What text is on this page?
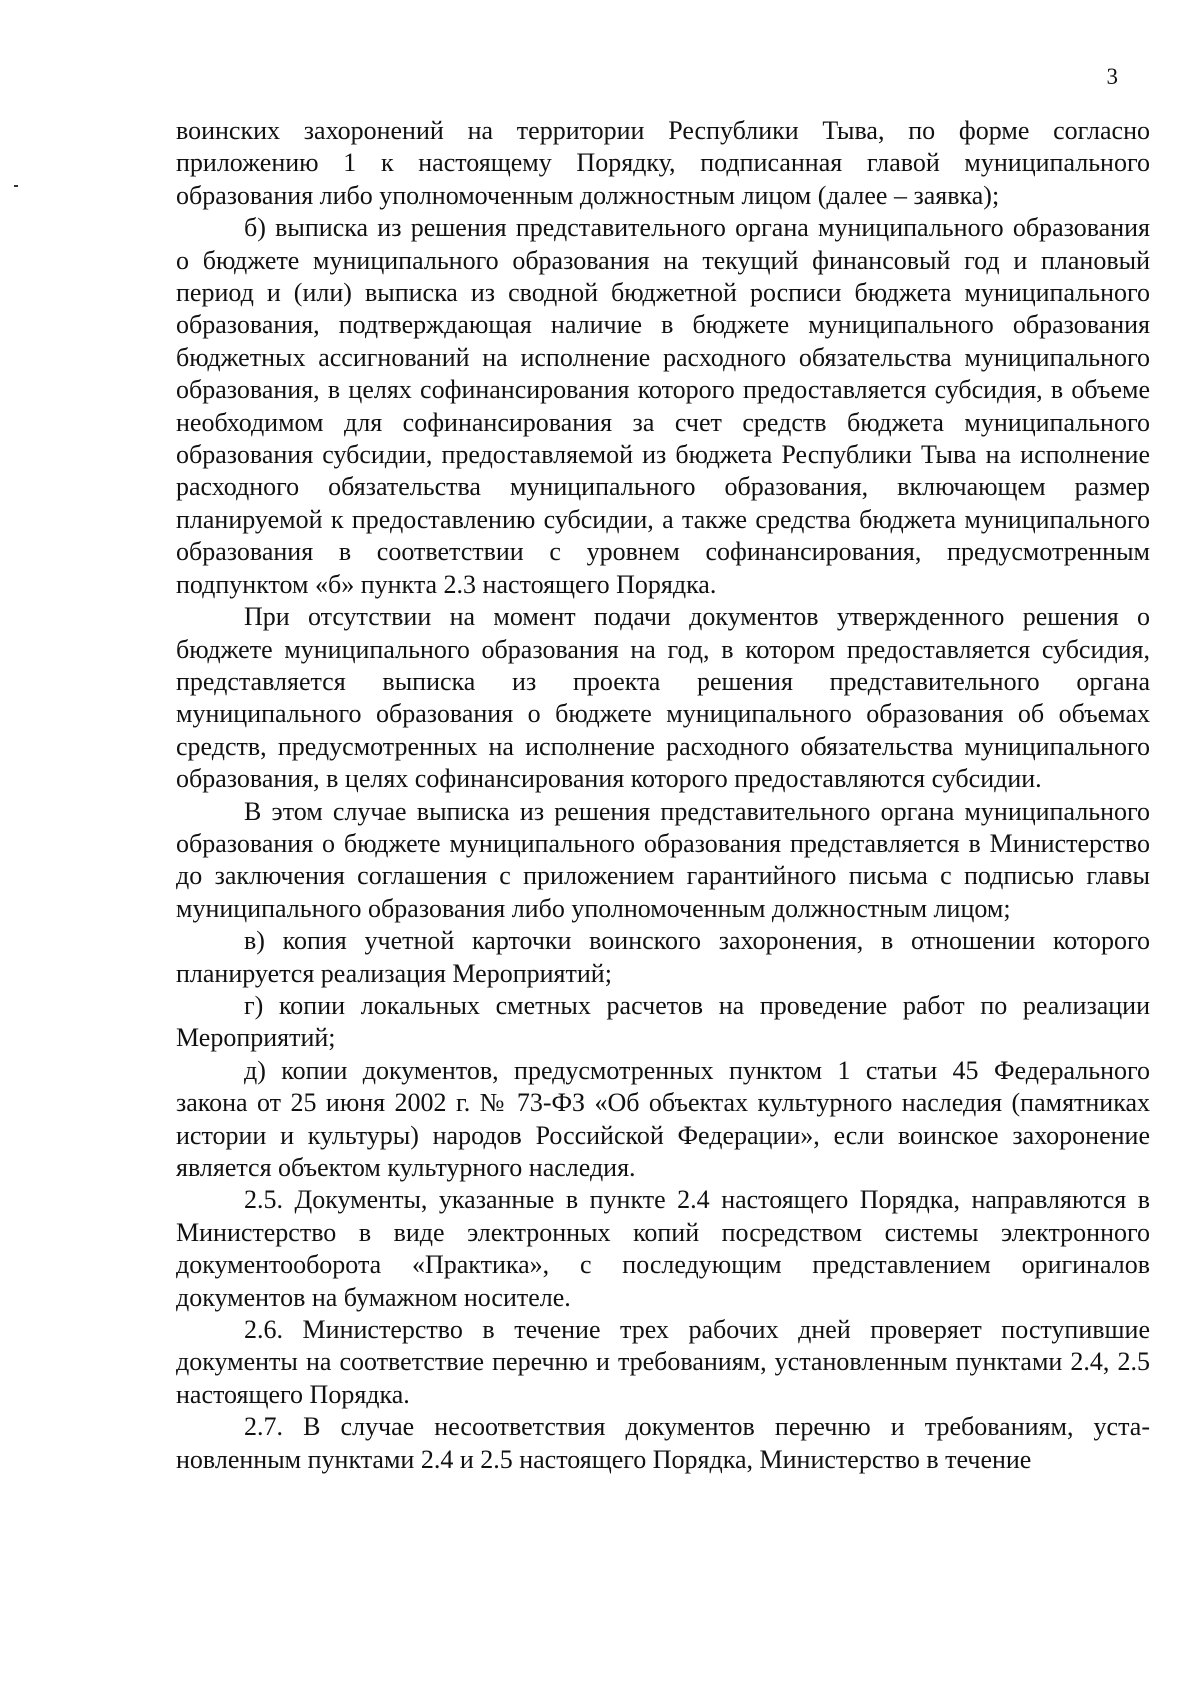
3

воинских захоронений на территории Республики Тыва, по форме согласно приложению 1 к настоящему Порядку, подписанная главой муниципального образования либо уполномоченным должностным лицом (далее – заявка);

б) выписка из решения представительного органа муниципального образования о бюджете муниципального образования на текущий финансовый год и плановый период и (или) выписка из сводной бюджетной росписи бюджета муниципального образования, подтверждающая наличие в бюджете муниципального образования бюджетных ассигнований на исполнение расходного обязательства муниципального образования, в целях софинансирования которого предоставляется субсидия, в объеме необходимом для софинансирования за счет средств бюджета муниципального образования субсидии, предоставляемой из бюджета Республики Тыва на исполнение расходного обязательства муниципального образования, включающем размер планируемой к предоставлению субсидии, а также средства бюджета муниципального образования в соответствии с уровнем софинансирования, предусмотренным подпунктом «б» пункта 2.3 настоящего Порядка.

При отсутствии на момент подачи документов утвержденного решения о бюджете муниципального образования на год, в котором предоставляется субсидия, представляется выписка из проекта решения представительного органа муниципального образования о бюджете муниципального образования об объемах средств, предусмотренных на исполнение расходного обязательства муниципального образования, в целях софинансирования которого предоставляются субсидии.

В этом случае выписка из решения представительного органа муниципального образования о бюджете муниципального образования представляется в Министерство до заключения соглашения с приложением гарантийного письма с подписью главы муниципального образования либо уполномоченным должностным лицом;

в) копия учетной карточки воинского захоронения, в отношении которого планируется реализация Мероприятий;

г) копии локальных сметных расчетов на проведение работ по реализации Мероприятий;

д) копии документов, предусмотренных пунктом 1 статьи 45 Федерального закона от 25 июня 2002 г. № 73-ФЗ «Об объектах культурного наследия (памятниках истории и культуры) народов Российской Федерации», если воинское захоронение является объектом культурного наследия.

2.5. Документы, указанные в пункте 2.4 настоящего Порядка, направляются в Министерство в виде электронных копий посредством системы электронного документооборота «Практика», с последующим представлением оригиналов документов на бумажном носителе.

2.6. Министерство в течение трех рабочих дней проверяет поступившие документы на соответствие перечню и требованиям, установленным пунктами 2.4, 2.5 настоящего Порядка.

2.7. В случае несоответствия документов перечню и требованиям, установленным пунктами 2.4 и 2.5 настоящего Порядка, Министерство в течение
